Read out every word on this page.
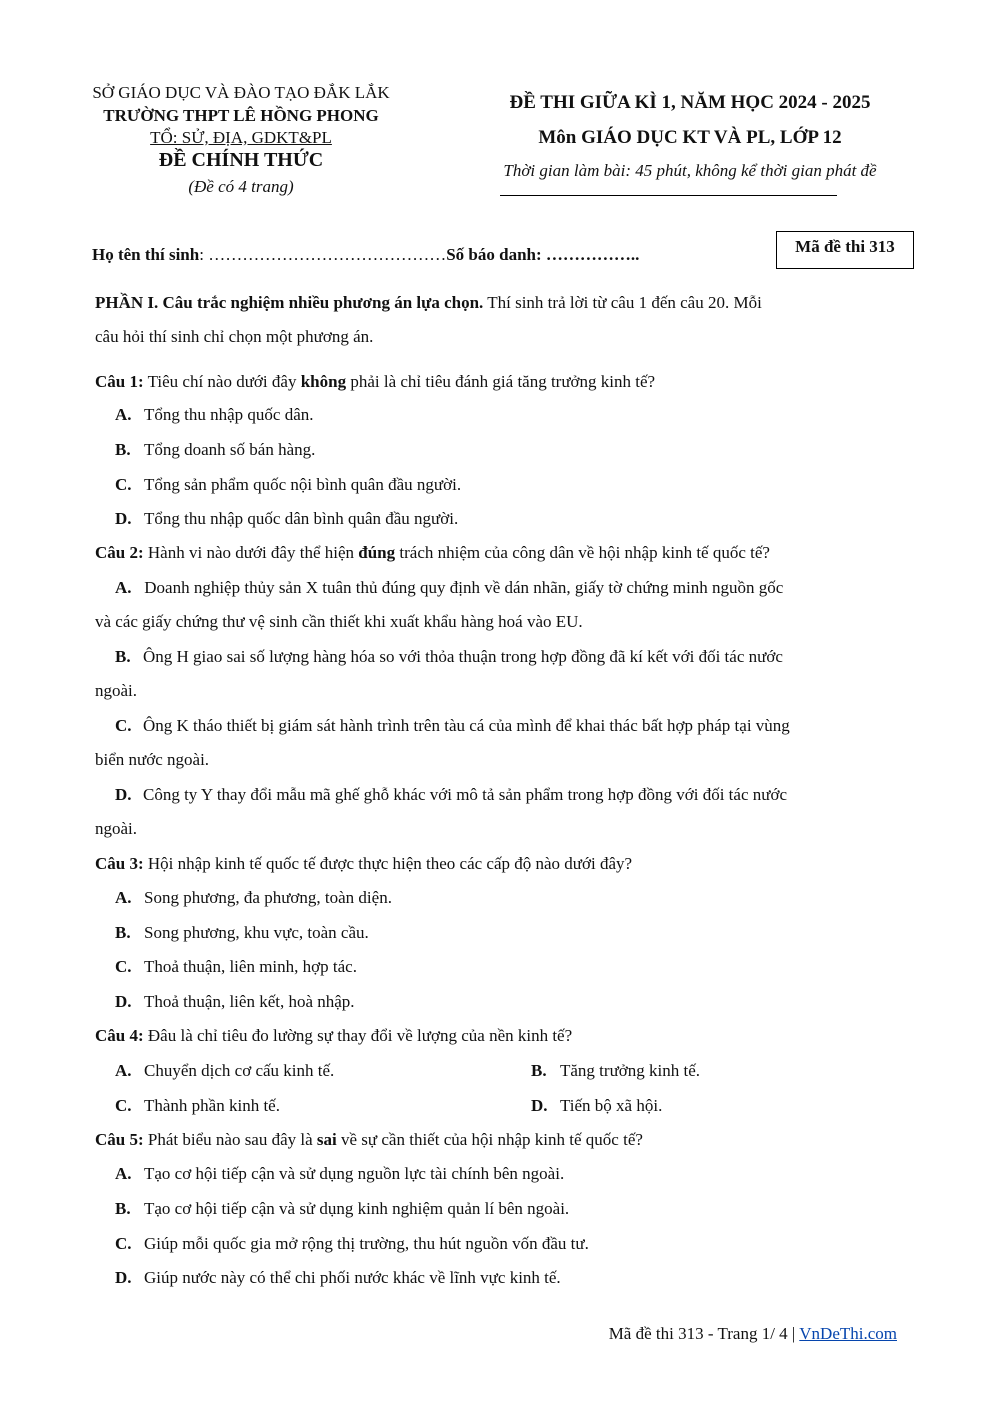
SỞ GIÁO DỤC VÀ ĐÀO TẠO ĐẮK LẮK
TRƯỜNG THPT LÊ HỒNG PHONG
TỔ: SỬ, ĐỊA, GDKT&PL
ĐỀ CHÍNH THỨC
(Đề có 4 trang)
ĐỀ THI GIỮA KÌ 1, NĂM HỌC 2024 - 2025
Môn GIÁO DỤC KT VÀ PL, LỚP 12
Thời gian làm bài: 45 phút, không kể thời gian phát đề
Họ tên thí sinh: ……………………………………Số báo danh: ……………..	Mã đề thi 313
PHẦN I. Câu trắc nghiệm nhiều phương án lựa chọn. Thí sinh trả lời từ câu 1 đến câu 20. Mỗi
câu hỏi thí sinh chỉ chọn một phương án.
Câu 1: Tiêu chí nào dưới đây không phải là chỉ tiêu đánh giá tăng trưởng kinh tế?
A. Tổng thu nhập quốc dân.
B. Tổng doanh số bán hàng.
C. Tổng sản phẩm quốc nội bình quân đầu người.
D. Tổng thu nhập quốc dân bình quân đầu người.
Câu 2: Hành vi nào dưới đây thể hiện đúng trách nhiệm của công dân về hội nhập kinh tế quốc tế?
A. Doanh nghiệp thủy sản X tuân thủ đúng quy định về dán nhãn, giấy tờ chứng minh nguồn gốc
và các giấy chứng thư vệ sinh cần thiết khi xuất khẩu hàng hoá vào EU.
B. Ông H giao sai số lượng hàng hóa so với thỏa thuận trong hợp đồng đã kí kết với đối tác nước
ngoài.
C. Ông K tháo thiết bị giám sát hành trình trên tàu cá của mình để khai thác bất hợp pháp tại vùng
biển nước ngoài.
D. Công ty Y thay đổi mẫu mã ghế ghỗ khác với mô tả sản phẩm trong hợp đồng với đối tác nước
ngoài.
Câu 3: Hội nhập kinh tế quốc tế được thực hiện theo các cấp độ nào dưới đây?
A. Song phương, đa phương, toàn diện.
B. Song phương, khu vực, toàn cầu.
C. Thoả thuận, liên minh, hợp tác.
D. Thoả thuận, liên kết, hoà nhập.
Câu 4: Đâu là chỉ tiêu đo lường sự thay đổi về lượng của nền kinh tế?
A. Chuyển dịch cơ cấu kinh tế.	B. Tăng trưởng kinh tế.
C. Thành phần kinh tế.	D. Tiến bộ xã hội.
Câu 5: Phát biểu nào sau đây là sai về sự cần thiết của hội nhập kinh tế quốc tế?
A. Tạo cơ hội tiếp cận và sử dụng nguồn lực tài chính bên ngoài.
B. Tạo cơ hội tiếp cận và sử dụng kinh nghiệm quản lí bên ngoài.
C. Giúp mỗi quốc gia mở rộng thị trường, thu hút nguồn vốn đầu tư.
D. Giúp nước này có thể chi phối nước khác về lĩnh vực kinh tế.
Mã đề thi 313 - Trang 1/ 4 | VnDeThi.com
